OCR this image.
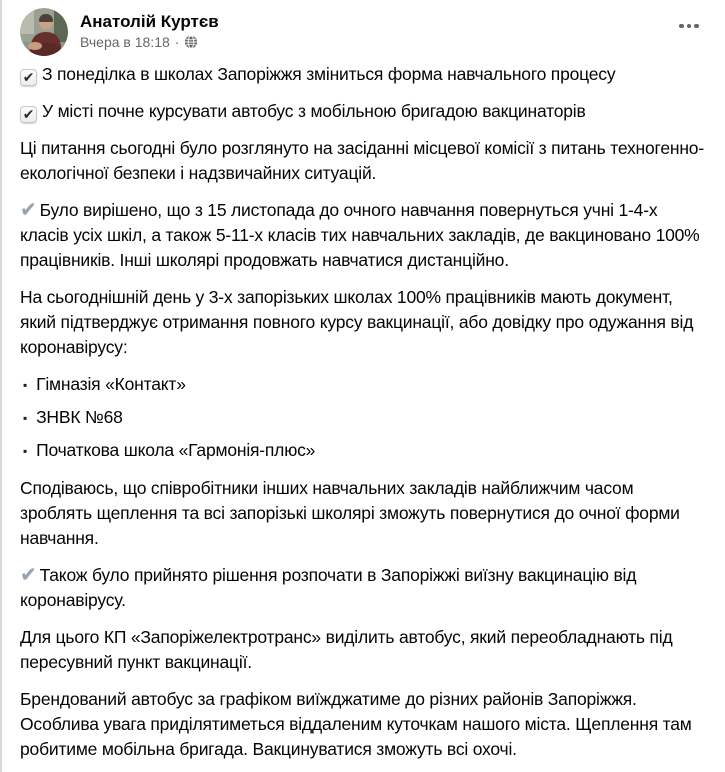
Анатолій Куртєв
Вчера в 18:18 ·

✔ З понеділка в школах Запоріжжя зміниться форма навчального процесу

✔ У місті почне курсувати автобус з мобільною бригадою вакцинаторів

Ці питання сьогодні було розглянуто на засіданні місцевої комісії з питань техногенно-екологічної безпеки і надзвичайних ситуацій.

✔ Було вирішено, що з 15 листопада до очного навчання повернуться учні 1-4-х класів усіх шкіл, а також 5-11-х класів тих навчальних закладів, де вакциновано 100% працівників. Інші школярі продовжать навчатися дистанційно.

На сьогоднішній день у 3-х запорізьких школах 100% працівників мають документ, який підтверджує отримання повного курсу вакцинації, або довідку про одужання від коронавірусу:

▪ Гімназія «Контакт»

▪ ЗНВК №68

▪ Початкова школа «Гармонія-плюс»

Сподіваюсь, що співробітники інших навчальних закладів найближчим часом зроблять щеплення та всі запорізькі школярі зможуть повернутися до очної форми навчання.

✔ Також було прийнято рішення розпочати в Запоріжжі виїзну вакцинацію від коронавірусу.

Для цього КП «Запоріжелектротранс» виділить автобус, який переобладнають під пересувний пункт вакцинації.

Брендований автобус за графіком виїжджатиме до різних районів Запоріжжя. Особлива увага приділятиметься віддаленим куточкам нашого міста. Щеплення там робитиме мобільна бригада. Вакцинуватися зможуть всі охочі.
